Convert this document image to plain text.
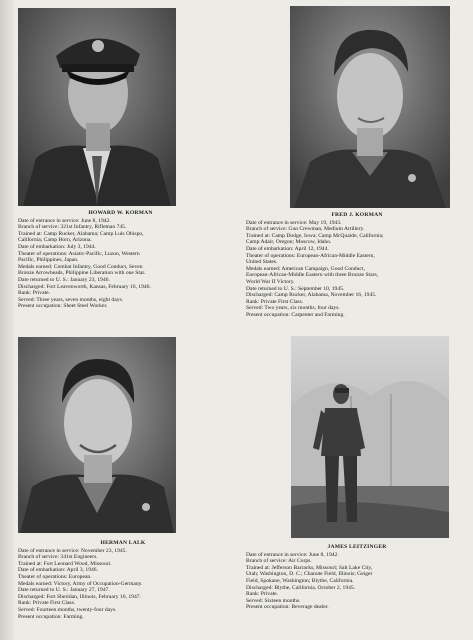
HOWARD W. KORMAN
Date of entrance in service: June 8, 1942.
Branch of service: 321st Infantry, Rifleman 745.
Trained at: Camp Rucker, Alabama; Camp Luis Obispo,
California; Camp Horn, Arizona.
Date of embarkation: July 3, 1944.
Theater of operations: Asiatic-Pacific, Luzon, Western
Pacific, Philippines, Japan.
Medals earned: Combat Infantry, Good Conduct, Seven
Bronze Arrowheads, Philippine Liberation with one Star.
Date returned to U. S.: January 23, 1946.
Discharged: Fort Leavenworth, Kansas, February 16, 1946.
Rank: Private.
Served: Three years, seven months, eight days.
Present occupation: Sheet Steel Worker.
FRED J. KORMAN
Date of entrance in service: May 19, 1943.
Branch of service: Gun Crewman, Medium Artillery.
Trained at: Camp Dodge, Iowa; Camp McQuaide, California;
Camp Adair, Oregon; Moscow, Idaho.
Date of embarkation: April 12, 1944.
Theater of operations: European-African-Middle Eastern,
United States.
Medals earned: American Campaign, Good Conduct,
European-African-Middle Eastern with three Bronze Stars,
World War II Victory.
Date returned to U. S.: September 10, 1945.
Discharged: Camp Rucker, Alabama, November 16, 1945.
Rank: Private First Class.
Served: Two years, six months, four days.
Present occupation: Carpenter and Farming.
HERMAN LALK
Date of entrance in service: November 23, 1945.
Branch of service: 341st Engineers.
Trained at: Fort Leonard Wood, Missouri.
Date of embarkation: April 3, 1946.
Theater of operations: European.
Medals earned: Victory, Army of Occupation-Germany.
Date returned to U. S.: January 27, 1947.
Discharged: Fort Sheridan, Illinois, February 16, 1947.
Rank: Private First Class.
Served: Fourteen months, twenty-four days.
Present occupation: Farming.
JAMES LEITZINGER
Date of entrance in service: June 8, 1942.
Branch of service: Air Corps.
Trained at: Jefferson Barracks, Missouri; Salt Lake City,
Utah; Washington, D. C.; Chanute Field, Illinois; Geiger
Field, Spokane, Washington; Blythe, California.
Discharged: Blythe, California, October 2, 1945.
Rank: Private.
Served: Sixteen months.
Present occupation: Beverage dealer.
